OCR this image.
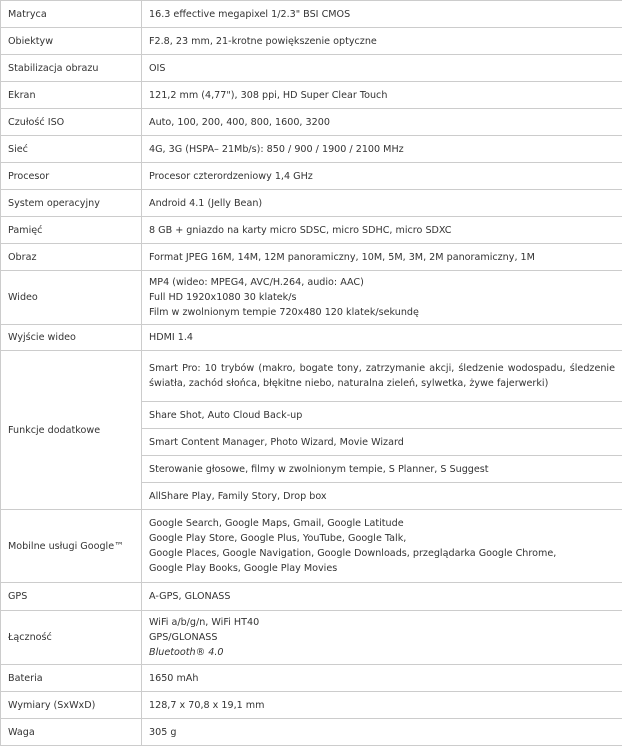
Matryca	16.3 effective megapixel 1/2.3" BSI CMOS
Obiektyw	F2.8, 23 mm, 21-krotne powiększenie optyczne
Stabilizacja obrazu	OIS
Ekran	121,2 mm (4,77"), 308 ppi, HD Super Clear Touch
Czułość ISO	Auto, 100, 200, 400, 800, 1600, 3200
Sieć	4G, 3G (HSPA– 21Mb/s): 850 / 900 / 1900 / 2100 MHz
Procesor	Procesor czterordzeniowy 1,4 GHz
System operacyjny	Android 4.1 (Jelly Bean)
Pamięć	8 GB + gniazdo na karty micro SDSC, micro SDHC, micro SDXC
Obraz	Format JPEG 16M, 14M, 12M panoramiczny, 10M, 5M, 3M, 2M panoramiczny, 1M
Wideo	MP4 (wideo: MPEG4, AVC/H.264, audio: AAC)
Full HD 1920x1080 30 klatek/s
Film w zwolnionym tempie 720x480 120 klatek/sekundę

Wyjście wideo	HDMI 1.4
Funkcje dodatkowe	Smart Pro: 10 trybów (makro, bogate tony, zatrzymanie akcji, śledzenie wodospadu, śledzenie światła, zachód słońca, błękitne niebo, naturalna zieleń, sylwetka, żywe fajerwerki)
	Share Shot, Auto Cloud Back-up
	Smart Content Manager, Photo Wizard, Movie Wizard
	Sterowanie głosowe, filmy w zwolnionym tempie, S Planner, S Suggest
	AllShare Play, Family Story, Drop box
Mobilne usługi Google™	Google Search, Google Maps, Gmail, Google Latitude
Google Play Store, Google Plus, YouTube, Google Talk,
Google Places, Google Navigation, Google Downloads, przeglądarka Google Chrome,
Google Play Books, Google Play Movies

GPS	A-GPS, GLONASS
Łączność	WiFi a/b/g/n, WiFi HT40
GPS/GLONASS
Bluetooth® 4.0

Bateria	1650 mAh
Wymiary (SxWxD)	128,7 x 70,8 x 19,1 mm
Waga	305 g
